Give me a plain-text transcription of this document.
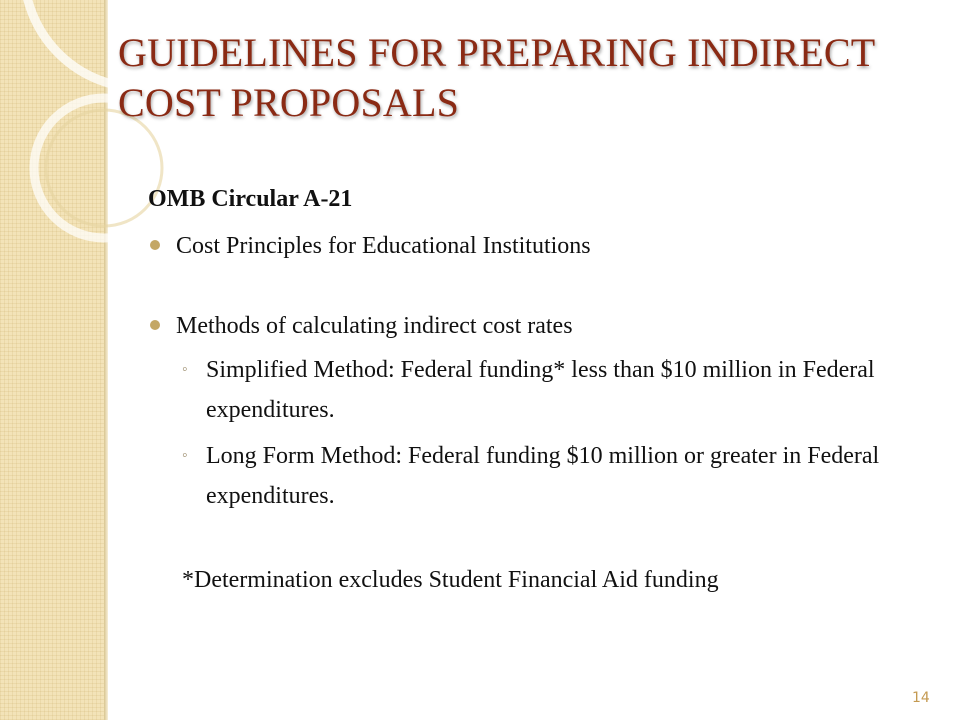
GUIDELINES FOR PREPARING INDIRECT
COST PROPOSALS
OMB Circular A-21
Cost Principles for Educational Institutions
Methods of calculating indirect cost rates
◦ Simplified Method: Federal funding* less than $10 million in Federal expenditures.
◦ Long Form Method: Federal funding $10 million or greater in Federal expenditures.
*Determination excludes Student Financial Aid funding
14
